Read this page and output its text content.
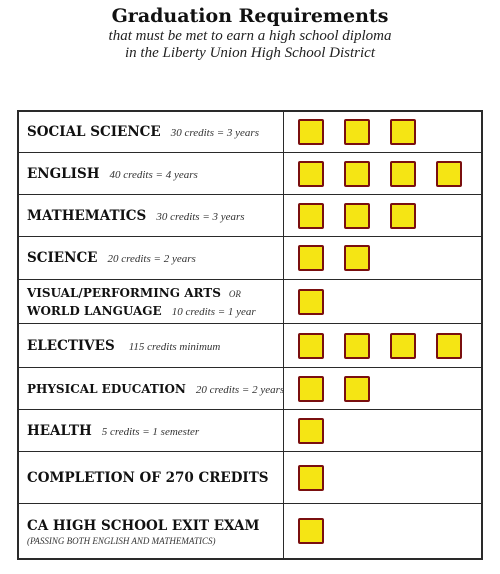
Graduation Requirements
that must be met to earn a high school diploma
in the Liberty Union High School District
SOCIAL SCIENCE 30 credits = 3 years
ENGLISH 40 credits = 4 years
MATHEMATICS 30 credits = 3 years
SCIENCE 20 credits = 2 years
VISUAL/PERFORMING ARTS OR
WORLD LANGUAGE 10 credits = 1 year
ELECTIVES 115 credits minimum
PHYSICAL EDUCATION 20 credits = 2 years
HEALTH 5 credits = 1 semester
COMPLETION OF 270 CREDITS
CA HIGH SCHOOL EXIT EXAM
(PASSING BOTH ENGLISH AND MATHEMATICS)
